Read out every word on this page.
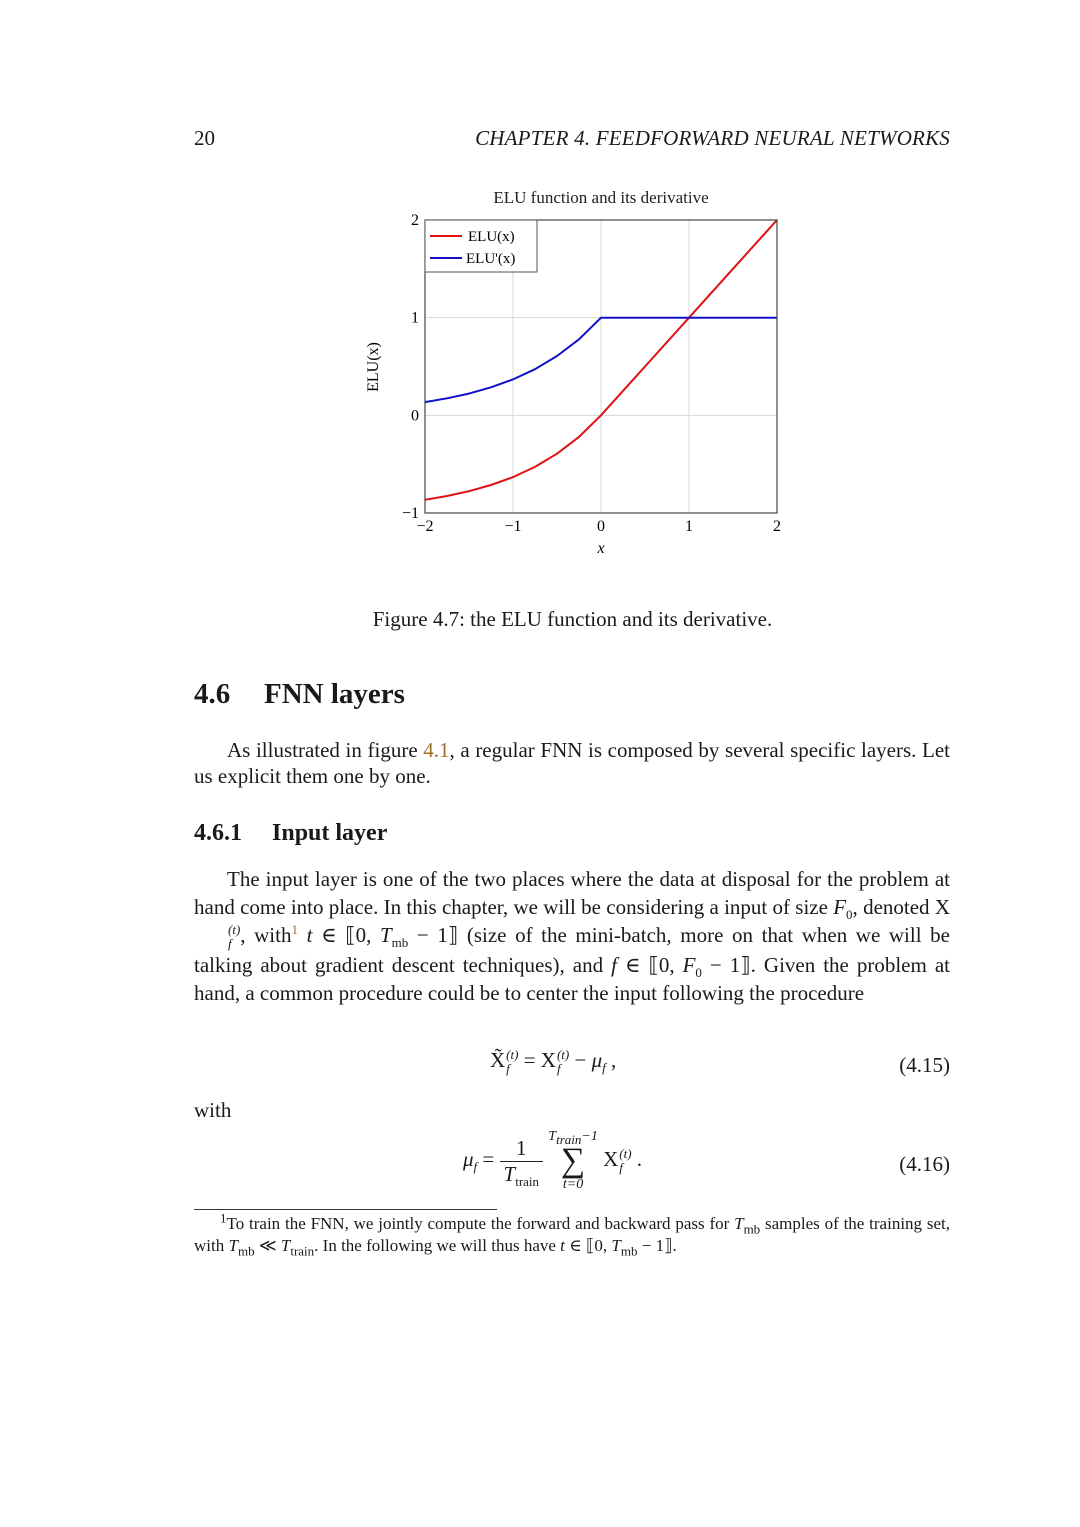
20	CHAPTER 4. FEEDFORWARD NEURAL NETWORKS
ELU function and its derivative
−2	−1	0	1	2
−1
0
1
2
x
ELU(x)
ELU(x)
ELU'(x)
Figure 4.7: the ELU function and its derivative.
4.6 FNN layers

As illustrated in figure 4.1, a regular FNN is composed by several specific layers. Let us explicit them one by one.

4.6.1 Input layer

The input layer is one of the two places where the data at disposal for the problem at hand come into place. In this chapter, we will be considering a input of size $F_0$, denoted X
(t)
f , with$^1$ t ∈ ⟦0, $T_{mb}$ − 1⟧ (size of the mini-batch, more on that when we will be talking about gradient descent techniques), and f ∈ ⟦0, $F_0$ − 1⟧. Given the problem at hand, a common procedure could be to center the input following the procedure

X̃ (t)
f = X (t)
$f - \mu_f$ ,	(4.15)
with
$\mu_f = \frac{1}{T_{train}}$
$T_{train}-1$
∑
t=0
X (t)
f .	(4.16)

$^1$To train the FNN, we jointly compute the forward and backward pass for $T_{mb}$ samples of the training set, with $T_{mb}$ ≪ $T_{train}$. In the following we will thus have t ∈ ⟦0, $T_{mb}$ − 1⟧.
